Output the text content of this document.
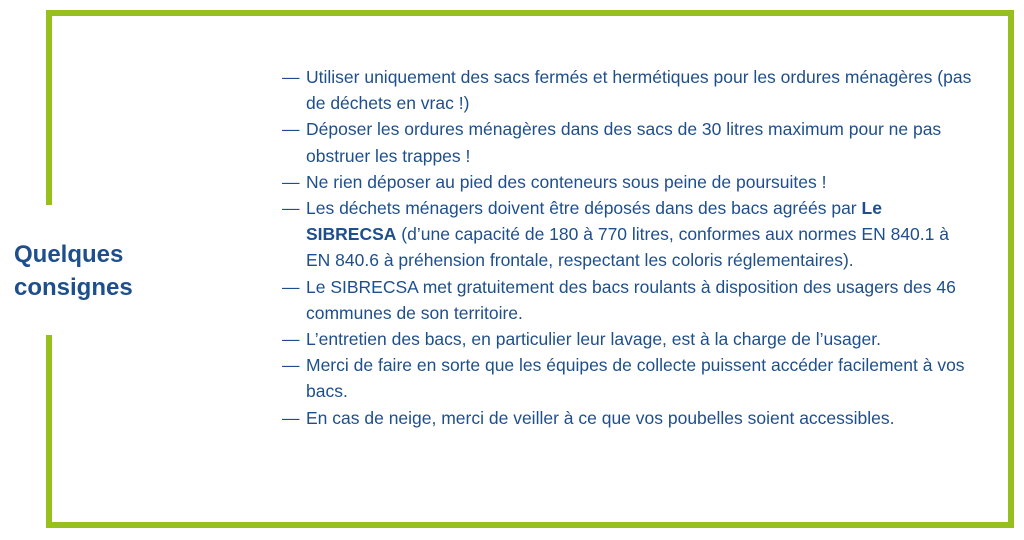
Quelques
consignes
— Utiliser uniquement des sacs fermés et hermétiques pour les ordures ménagères (pas de déchets en vrac !)
— Déposer les ordures ménagères dans des sacs de 30 litres maximum pour ne pas obstruer les trappes !
— Ne rien déposer au pied des conteneurs sous peine de poursuites !
— Les déchets ménagers doivent être déposés dans des bacs agréés par Le SIBRECSA (d’une capacité de 180 à 770 litres, conformes aux normes EN 840.1 à EN 840.6 à préhension frontale, respectant les coloris réglementaires).
— Le SIBRECSA met gratuitement des bacs roulants à disposition des usagers des 46 communes de son territoire.
— L’entretien des bacs, en particulier leur lavage, est à la charge de l’usager.
— Merci de faire en sorte que les équipes de collecte puissent accéder facilement à vos bacs.
— En cas de neige, merci de veiller à ce que vos poubelles soient accessibles.
